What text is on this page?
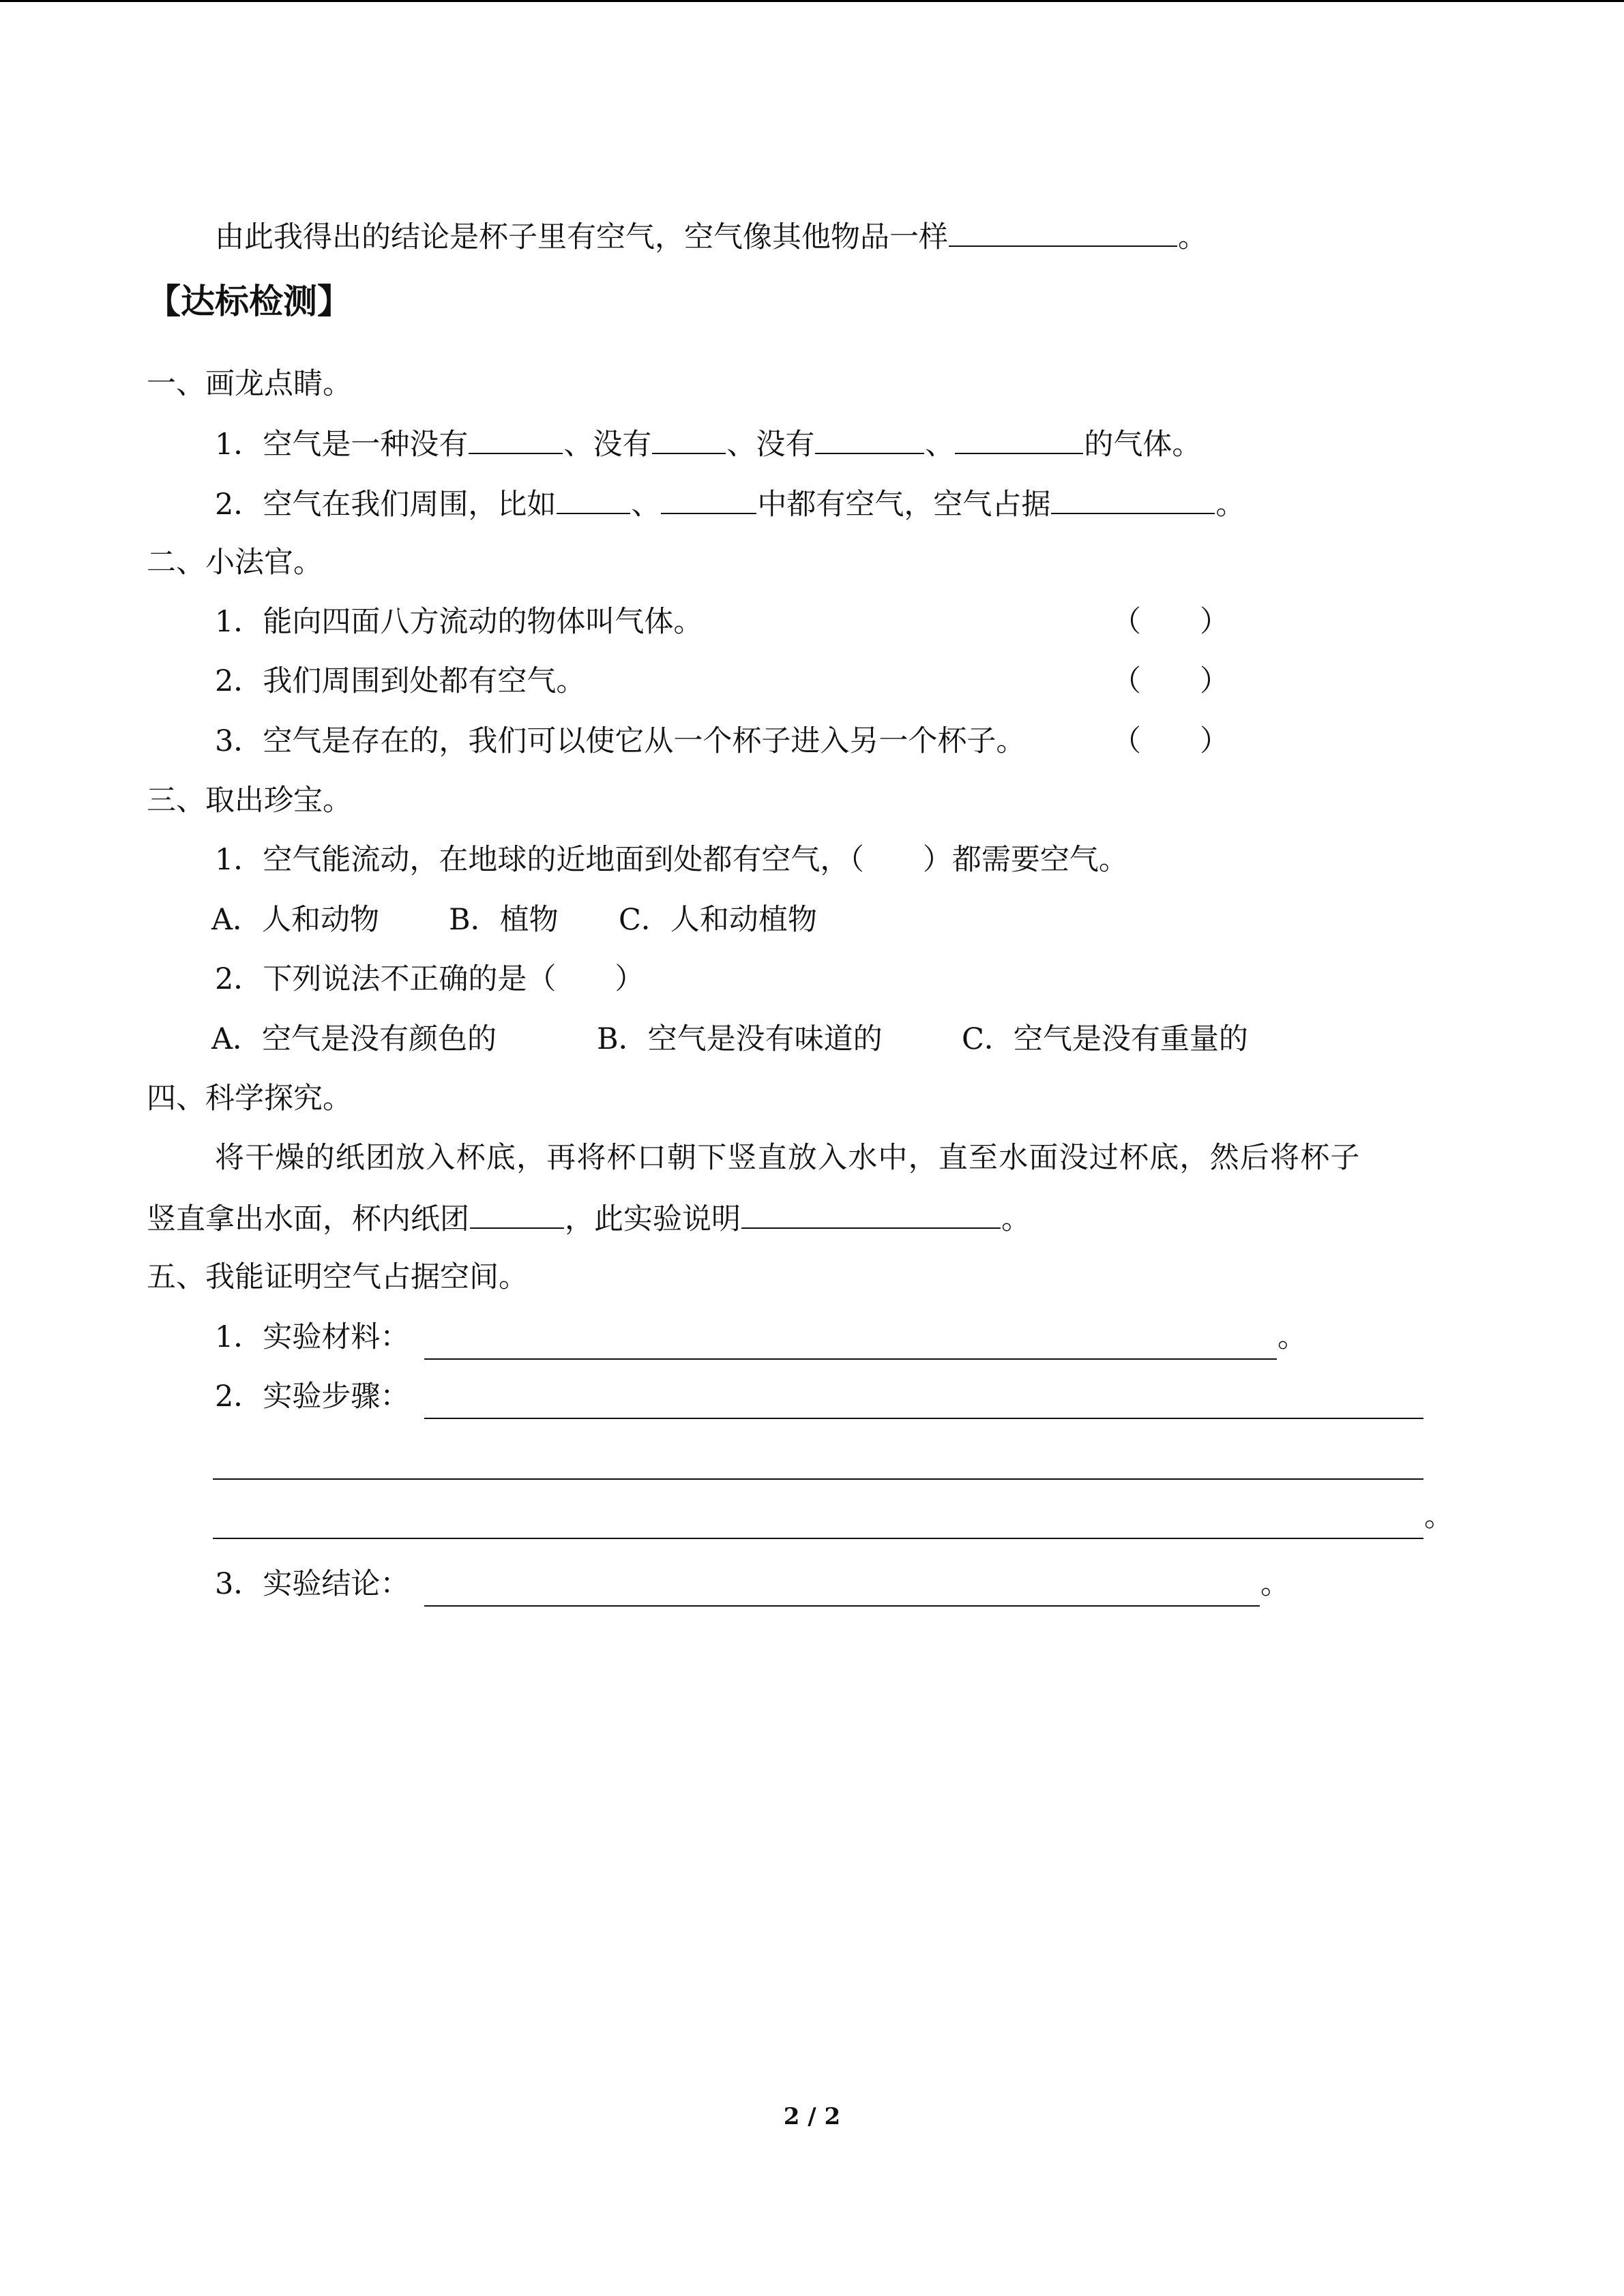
由此我得出的结论是杯子里有空气，空气像其他物品一样	。
【达标检测】
一、画龙点睛。
1．空气是一种没有	、没有	、没有	、	的气体。
2．空气在我们周围，比如	、	中都有空气，空气占据	。
二、小法官。
1．能向四面八方流动的物体叫气体。	（　　）
2．我们周围到处都有空气。	（　　）
3．空气是存在的，我们可以使它从一个杯子进入另一个杯子。	（　　）
三、取出珍宝。
1．空气能流动，在地球的近地面到处都有空气，（ ）都需要空气。
A．人和动物 B．植物 C．人和动植物
2．下列说法不正确的是（　　）
A．空气是没有颜色的	B．空气是没有味道的	C．空气是没有重量的
四、科学探究。
将干燥的纸团放入杯底，再将杯口朝下竖直放入水中，直至水面没过杯底，然后将杯子
竖直拿出水面，杯内纸团	，此实验说明	。
五、我能证明空气占据空间。
1．实验材料：	。
2．实验步骤：
。
3．实验结论：	。
2 / 2
